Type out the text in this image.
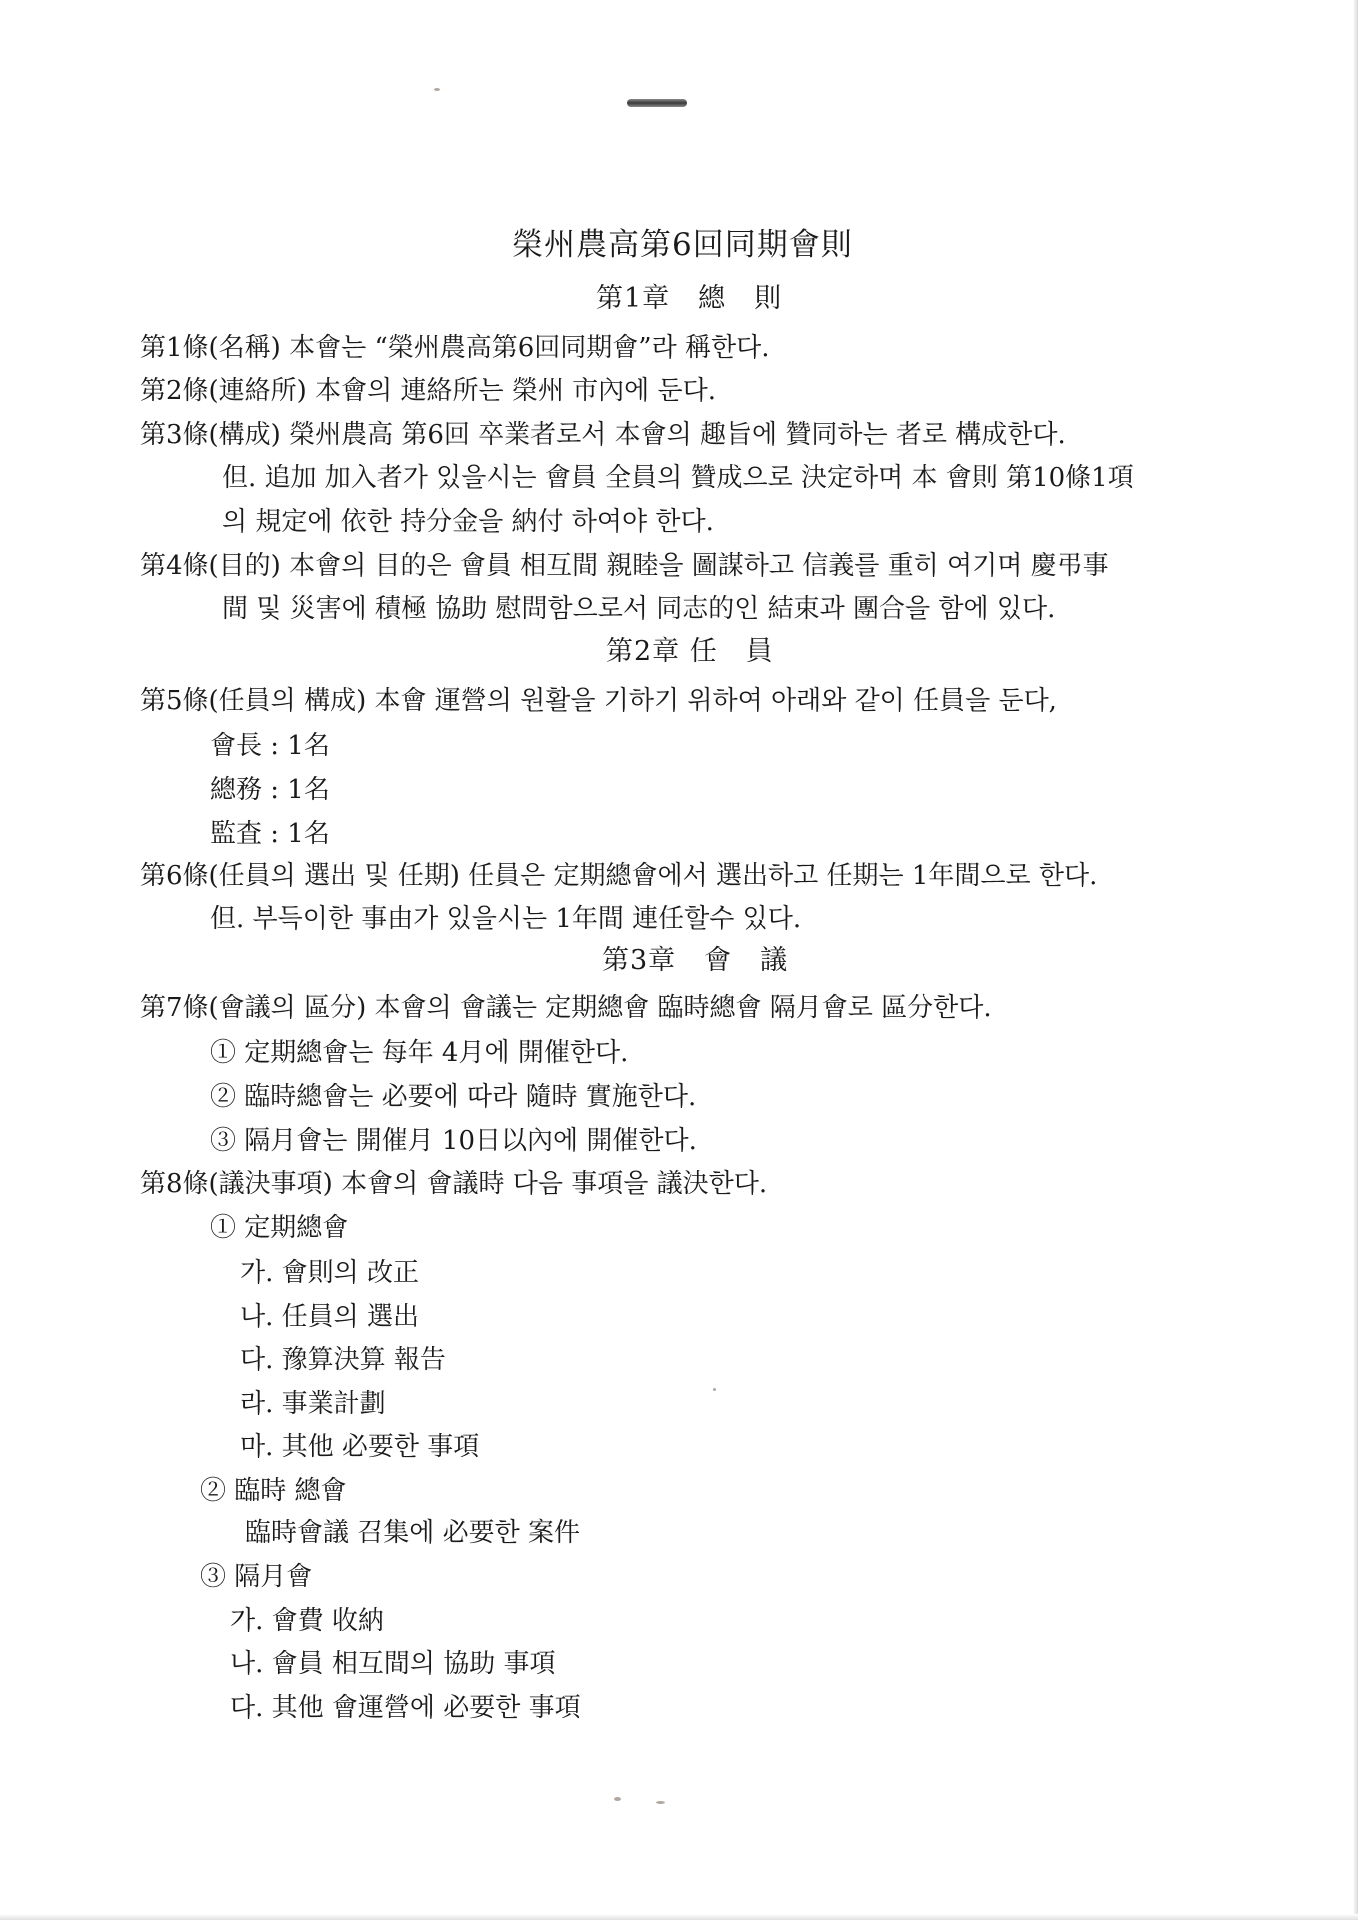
榮州農高第6回同期會則
第1章　總　則
第1條(名稱) 本會는 “榮州農高第6回同期會”라 稱한다.
第2條(連絡所) 本會의 連絡所는 榮州 市內에 둔다.
第3條(構成) 榮州農高 第6回 卒業者로서 本會의 趣旨에 贊同하는 者로 構成한다.
但. 追加 加入者가 있을시는 會員 全員의 贊成으로 決定하며 本 會則 第10條1項
의 規定에 依한 持分金을 納付 하여야 한다.
第4條(目的) 本會의 目的은 會員 相互間 親睦을 圖謀하고 信義를 重히 여기며 慶弔事
間 및 災害에 積極 協助 慰問함으로서 同志的인 結束과 團合을 함에 있다.
第2章 任　員
第5條(任員의 構成) 本會 運營의 원활을 기하기 위하여 아래와 같이 任員을 둔다,
會長 : 1名
總務 : 1名
監査 : 1名
第6條(任員의 選出 및 任期) 任員은 定期總會에서 選出하고 任期는 1年間으로 한다.
但. 부득이한 事由가 있을시는 1年間 連任할수 있다.
第3章　會　議
第7條(會議의 區分) 本會의 會議는 定期總會 臨時總會 隔月會로 區分한다.
① 定期總會는 每年 4月에 開催한다.
② 臨時總會는 必要에 따라 隨時 實施한다.
③ 隔月會는 開催月 10日以內에 開催한다.
第8條(議決事項) 本會의 會議時 다음 事項을 議決한다.
① 定期總會
가. 會則의 改正
나. 任員의 選出
다. 豫算決算 報告
라. 事業計劃
마. 其他 必要한 事項
② 臨時 總會
臨時會議 召集에 必要한 案件
③ 隔月會
가. 會費 收納
나. 會員 相互間의 協助 事項
다. 其他 會運營에 必要한 事項
